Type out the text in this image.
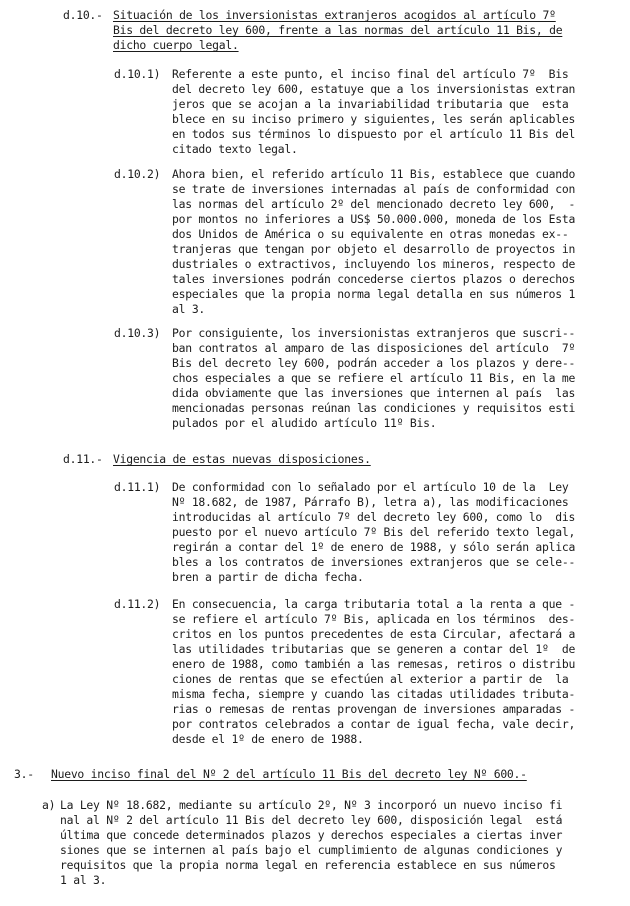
d.10.- Situación de los inversionistas extranjeros acogidos al artículo 7º
Bis del decreto ley 600, frente a las normas del artículo 11 Bis, de
dicho cuerpo legal.
d.10.1) Referente a este punto, el inciso final del artículo 7º  Bis
del decreto ley 600, estatuye que a los inversionistas extran
jeros que se acojan a la invariabilidad tributaria que  esta
blece en su inciso primero y siguientes, les serán aplicables
en todos sus términos lo dispuesto por el artículo 11 Bis del
citado texto legal.
d.10.2) Ahora bien, el referido artículo 11 Bis, establece que cuando
se trate de inversiones internadas al país de conformidad con
las normas del artículo 2º del mencionado decreto ley 600,  -
por montos no inferiores a US$ 50.000.000, moneda de los Esta
dos Unidos de América o su equivalente en otras monedas ex--
tranjeras que tengan por objeto el desarrollo de proyectos in
dustriales o extractivos, incluyendo los mineros, respecto de
tales inversiones podrán concederse ciertos plazos o derechos
especiales que la propia norma legal detalla en sus números 1
al 3.
d.10.3) Por consiguiente, los inversionistas extranjeros que suscri--
ban contratos al amparo de las disposiciones del artículo  7º
Bis del decreto ley 600, podrán acceder a los plazos y dere--
chos especiales a que se refiere el artículo 11 Bis, en la me
dida obviamente que las inversiones que internen al país  las
mencionadas personas reúnan las condiciones y requisitos esti
pulados por el aludido artículo 11º Bis.
d.11.- Vigencia de estas nuevas disposiciones.
d.11.1) De conformidad con lo señalado por el artículo 10 de la  Ley
Nº 18.682, de 1987, Párrafo B), letra a), las modificaciones
introducidas al artículo 7º del decreto ley 600, como lo  dis
puesto por el nuevo artículo 7º Bis del referido texto legal,
regirán a contar del 1º de enero de 1988, y sólo serán aplica
bles a los contratos de inversiones extranjeros que se cele--
bren a partir de dicha fecha.
d.11.2) En consecuencia, la carga tributaria total a la renta a que -
se refiere el artículo 7º Bis, aplicada en los términos  des-
critos en los puntos precedentes de esta Circular, afectará a
las utilidades tributarias que se generen a contar del 1º  de
enero de 1988, como también a las remesas, retiros o distribu
ciones de rentas que se efectúen al exterior a partir de  la
misma fecha, siempre y cuando las citadas utilidades tributa-
rias o remesas de rentas provengan de inversiones amparadas -
por contratos celebrados a contar de igual fecha, vale decir,
desde el 1º de enero de 1988.
3.- Nuevo inciso final del Nº 2 del artículo 11 Bis del decreto ley Nº 600.-
a) La Ley Nº 18.682, mediante su artículo 2º, Nº 3 incorporó un nuevo inciso fi
nal al Nº 2 del artículo 11 Bis del decreto ley 600, disposición legal  está
última que concede determinados plazos y derechos especiales a ciertas inver
siones que se internen al país bajo el cumplimiento de algunas condiciones y
requisitos que la propia norma legal en referencia establece en sus números
1 al 3.
